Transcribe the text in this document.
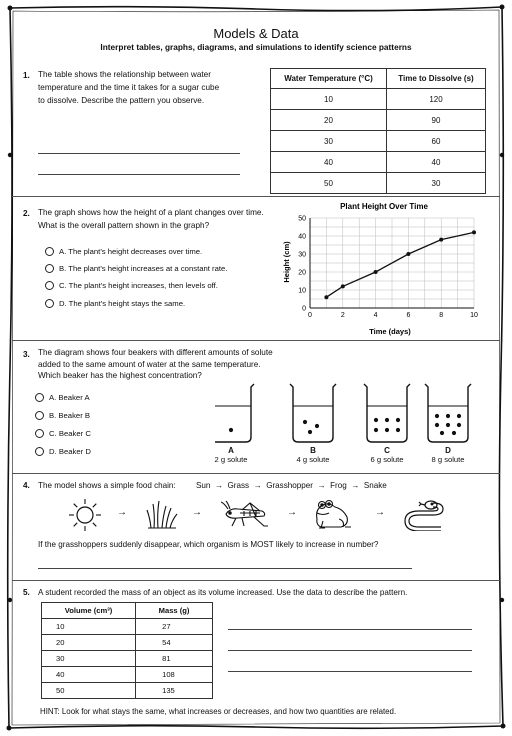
Models & Data
Interpret tables, graphs, diagrams, and simulations to identify science patterns
1. The table shows the relationship between water
temperature and the time it takes for a sugar cube
to dissolve. Describe the pattern you observe.
Water Temperature (°C)	Time to Dissolve (s)
10	120
20	90
30	60
40	40
50	30
2. The graph shows how the height of a plant changes over time.
What is the overall pattern shown in the graph?
A. The plant's height decreases over time.
B. The plant's height increases at a constant rate.
C. The plant's height increases, then levels off.
D. The plant's height stays the same.
Plant Height Over Time
Height (cm)
Time (days)
0
10
20
30
40
50
0	2	4	6	8	10
3. The diagram shows four beakers with different amounts of solute
added to the same amount of water at the same temperature.
Which beaker has the highest concentration?
A. Beaker A
B. Beaker B
C. Beaker C
D. Beaker D	A
2 g solute
B
4 g solute
C
6 g solute
D
8 g solute
4. The model shows a simple food chain:	Sun → Grass → Grasshopper → Frog → Snake
→	→	→	→
If the grasshoppers suddenly disappear, which organism is MOST likely to increase in number?
5. A student recorded the mass of an object as its volume increased. Use the data to describe the pattern.
Volume (cm³)	Mass (g)
10	27
20	54
30	81
40	108
50	135
HINT: Look for what stays the same, what increases or decreases, and how two quantities are related.
